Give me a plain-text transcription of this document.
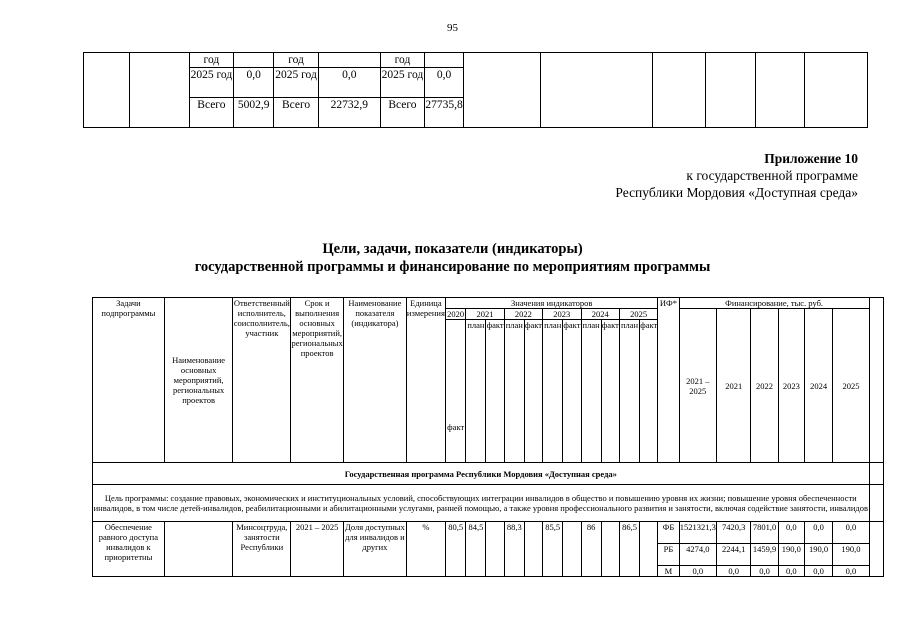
95
		год		год		год							
		2025 год	0,0	2025 год	0,0	2025 год	0,0						
		Всего	5002,9	Всего	22732,9	Всего	27735,8						
Приложение 10
к государственной программе
Республики Мордовия «Доступная среда»
Цели, задачи, показатели (индикаторы)
государственной программы и финансирование по мероприятиям программы
Задачи подпрограммы	Наименование основных мероприятий, региональных проектов	Ответственный исполнитель, соисполнитель, участник	Срок и выполнения основных мероприятий, региональных проектов	Наименование показателя (индикатора)	Единица измерения	Значения индикаторов											ИФ*	Финансирование, тыс. руб.						
						2020	2021		2022		2023		2024		2025			2021 – 2025	2021	2022	2023	2024	2025	
						факт	план	факт	план	факт	план	факт	план	факт	план	факт								
Государственная программа Республики Мордовия «Доступная среда»																								
Цель программы: создание правовых, экономических и институциональных условий, способствующих интеграции инвалидов в общество и повышению уровня их жизни; повышение уровня обеспеченности инвалидов, в том числе детей-инвалидов, реабилитационными и абилитационными услугами, ранней помощью, а также уровня профессионального развития и занятости, включая содействие занятости, инвалидов																								
Обеспечение равного доступа инвалидов к приоритетны		Минсоцтруда, занятости Республики	2021 – 2025	Доля доступных для инвалидов и других	%	80,5	84,5		88,3		85,5		86		86,5		ФБ	1521321,3	7420,3	7801,0	0,0	0,0	0,0	
																	РБ	4274,0	2244,1	1459,9	190,0	190,0	190,0	
																	М	0,0	0,0	0,0	0,0	0,0	0,0	
